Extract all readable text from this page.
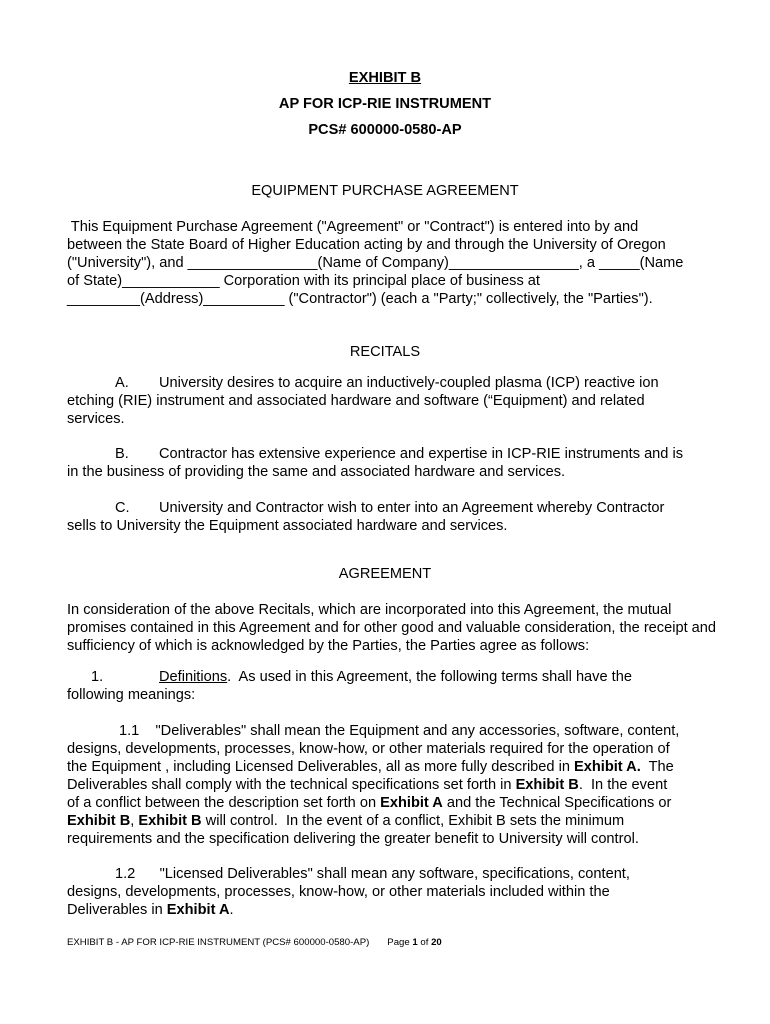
EXHIBIT B
AP FOR ICP-RIE INSTRUMENT
PCS# 600000-0580-AP
EQUIPMENT PURCHASE AGREEMENT
This Equipment Purchase Agreement ("Agreement" or "Contract") is entered into by and
between the State Board of Higher Education acting by and through the University of Oregon
("University"), and ________________(Name of Company)________________, a _____(Name
of State)____________ Corporation with its principal place of business at
_________(Address)__________ ("Contractor") (each a "Party;" collectively, the "Parties").
RECITALS
A. University desires to acquire an inductively-coupled plasma (ICP) reactive ion
etching (RIE) instrument and associated hardware and software (“Equipment) and related
services.
B. Contractor has extensive experience and expertise in ICP-RIE instruments and is
in the business of providing the same and associated hardware and services.
C. University and Contractor wish to enter into an Agreement whereby Contractor
sells to University the Equipment associated hardware and services.
AGREEMENT
In consideration of the above Recitals, which are incorporated into this Agreement, the mutual
promises contained in this Agreement and for other good and valuable consideration, the receipt and
sufficiency of which is acknowledged by the Parties, the Parties agree as follows:
1.	Definitions.  As used in this Agreement, the following terms shall have the
following meanings:
1.1    "Deliverables" shall mean the Equipment and any accessories, software, content,
designs, developments, processes, know-how, or other materials required for the operation of
the Equipment , including Licensed Deliverables, all as more fully described in Exhibit A.  The
Deliverables shall comply with the technical specifications set forth in Exhibit B.  In the event
of a conflict between the description set forth on Exhibit A and the Technical Specifications or
Exhibit B, Exhibit B will control.  In the event of a conflict, Exhibit B sets the minimum
requirements and the specification delivering the greater benefit to University will control.
1.2      "Licensed Deliverables" shall mean any software, specifications, content,
designs, developments, processes, know-how, or other materials included within the
Deliverables in Exhibit A.
EXHIBIT B - AP FOR ICP-RIE INSTRUMENT (PCS# 600000-0580-AP) Page 1 of 20
